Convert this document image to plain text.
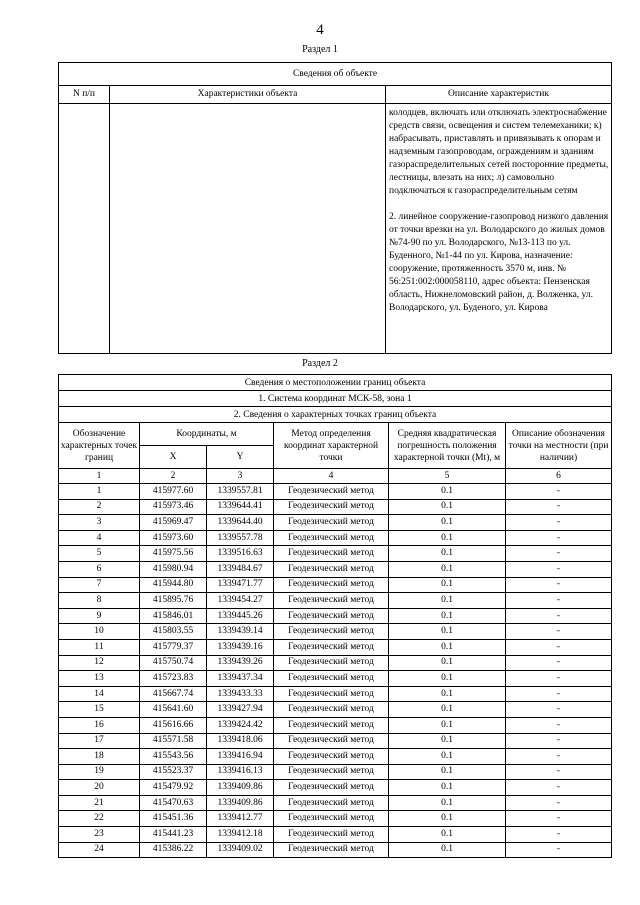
4
Раздел 1
Сведения об объекте		
N п/п	Характеристики объекта	Описание характеристик

		колодцев, включать или отключать электроснабжение средств связи, освещения и систем телемеханики; к) набрасывать, приставлять и привязывать к опорам и надземным газопроводам, ограждениям и зданиям газораспределительных сетей посторонние предметы, лестницы, влезать на них; л) самовольно подключаться к газораспределительным сетям

2. линейное сооружение-газопровод низкого давления от точки врезки на ул. Володарского до жилых домов №74-90 по ул. Володарского, №13-113 по ул. Буденного, №1-44 по ул. Кирова, назначение: сооружение, протяженность 3570 м, инв. № 56:251:002:000058110, адрес объекта: Пензенская область, Нижнеломовский район, д. Волженка, ул. Володарского, ул. Буденого, ул. Кирова

Раздел 2
Сведения о местоположении границ объекта					
1. Система координат МСК-58, зона 1					
2. Сведения о характерных точках границ объекта					
Обозначение характерных точек границ	Координаты, м		Метод определения координат характерной точки	Средняя квадратическая погрешность положения характерной точки (Mt), м	Описание обозначения точки на местности (при наличии)
	X	Y			
1	2	3	4	5	6
1	415977.60	1339557.81	Геодезический метод	0.1	-
2	415973.46	1339644.41	Геодезический метод	0.1	-
3	415969.47	1339644.40	Геодезический метод	0.1	-
4	415973.60	1339557.78	Геодезический метод	0.1	-
5	415975.56	1339516.63	Геодезический метод	0.1	-
6	415980.94	1339484.67	Геодезический метод	0.1	-
7	415944.80	1339471.77	Геодезический метод	0.1	-
8	415895.76	1339454.27	Геодезический метод	0.1	-
9	415846.01	1339445.26	Геодезический метод	0.1	-
10	415803.55	1339439.14	Геодезический метод	0.1	-
11	415779.37	1339439.16	Геодезический метод	0.1	-
12	415750.74	1339439.26	Геодезический метод	0.1	-
13	415723.83	1339437.34	Геодезический метод	0.1	-
14	415667.74	1339433.33	Геодезический метод	0.1	-
15	415641.60	1339427.94	Геодезический метод	0.1	-
16	415616.66	1339424.42	Геодезический метод	0.1	-
17	415571.58	1339418.06	Геодезический метод	0.1	-
18	415543.56	1339416.94	Геодезический метод	0.1	-
19	415523.37	1339416.13	Геодезический метод	0.1	-
20	415479.92	1339409.86	Геодезический метод	0.1	-
21	415470.63	1339409.86	Геодезический метод	0.1	-
22	415451.36	1339412.77	Геодезический метод	0.1	-
23	415441.23	1339412.18	Геодезический метод	0.1	-
24	415386.22	1339409.02	Геодезический метод	0.1	-
